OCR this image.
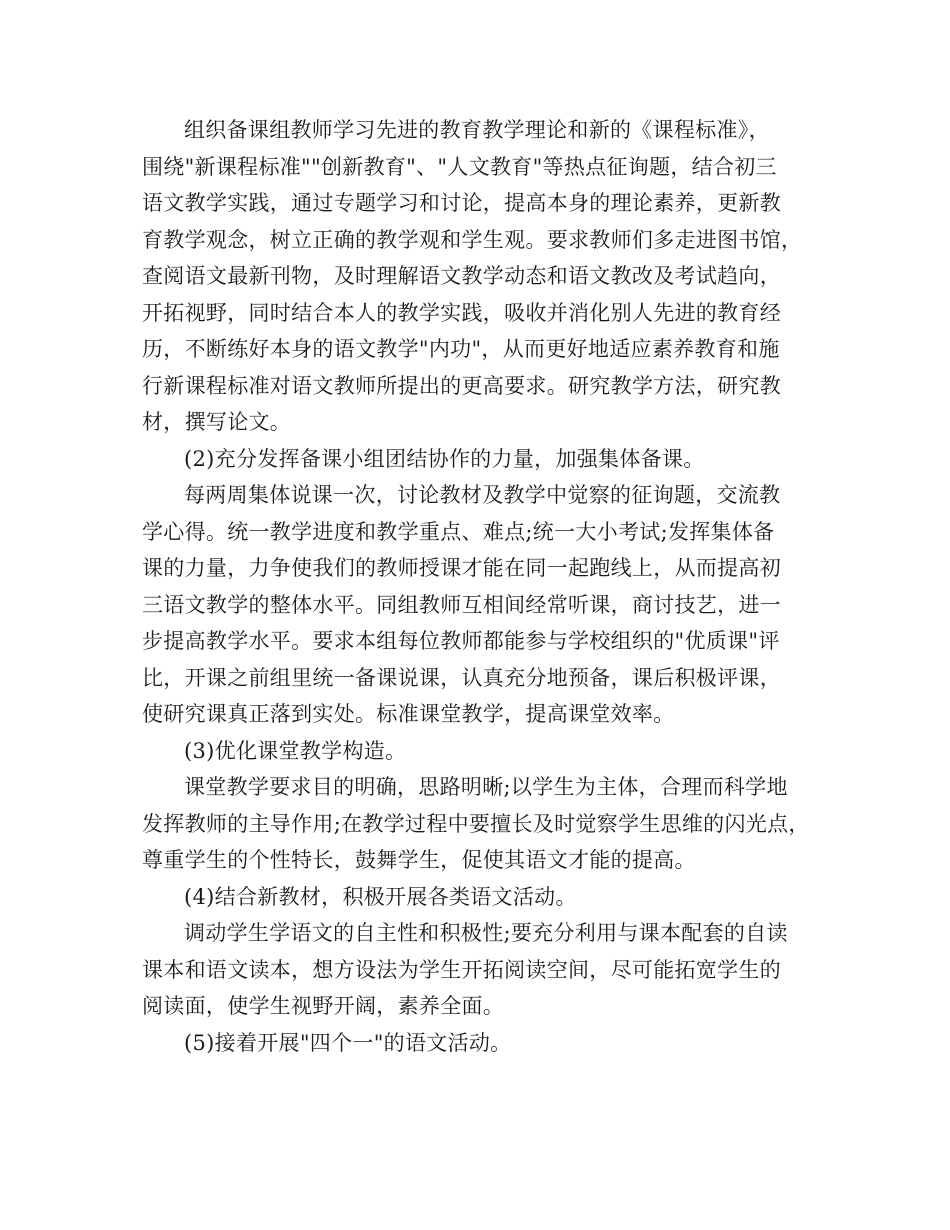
组织备课组教师学习先进的教育教学理论和新的《课程标准》，
围绕"新课程标准""创新教育"、"人文教育"等热点征询题，结合初三
语文教学实践，通过专题学习和讨论，提高本身的理论素养，更新教
育教学观念，树立正确的教学观和学生观。要求教师们多走进图书馆，
查阅语文最新刊物，及时理解语文教学动态和语文教改及考试趋向，
开拓视野，同时结合本人的教学实践，吸收并消化别人先进的教育经
历，不断练好本身的语文教学"内功"，从而更好地适应素养教育和施
行新课程标准对语文教师所提出的更高要求。研究教学方法，研究教
材，撰写论文。
(2)充分发挥备课小组团结协作的力量，加强集体备课。
每两周集体说课一次，讨论教材及教学中觉察的征询题，交流教
学心得。统一教学进度和教学重点、难点;统一大小考试;发挥集体备
课的力量，力争使我们的教师授课才能在同一起跑线上，从而提高初
三语文教学的整体水平。同组教师互相间经常听课，商讨技艺，进一
步提高教学水平。要求本组每位教师都能参与学校组织的"优质课"评
比，开课之前组里统一备课说课，认真充分地预备，课后积极评课，
使研究课真正落到实处。标准课堂教学，提高课堂效率。
(3)优化课堂教学构造。
课堂教学要求目的明确，思路明晰;以学生为主体，合理而科学地
发挥教师的主导作用;在教学过程中要擅长及时觉察学生思维的闪光点，
尊重学生的个性特长，鼓舞学生，促使其语文才能的提高。
(4)结合新教材，积极开展各类语文活动。
调动学生学语文的自主性和积极性;要充分利用与课本配套的自读
课本和语文读本，想方设法为学生开拓阅读空间，尽可能拓宽学生的
阅读面，使学生视野开阔，素养全面。
(5)接着开展"四个一"的语文活动。
